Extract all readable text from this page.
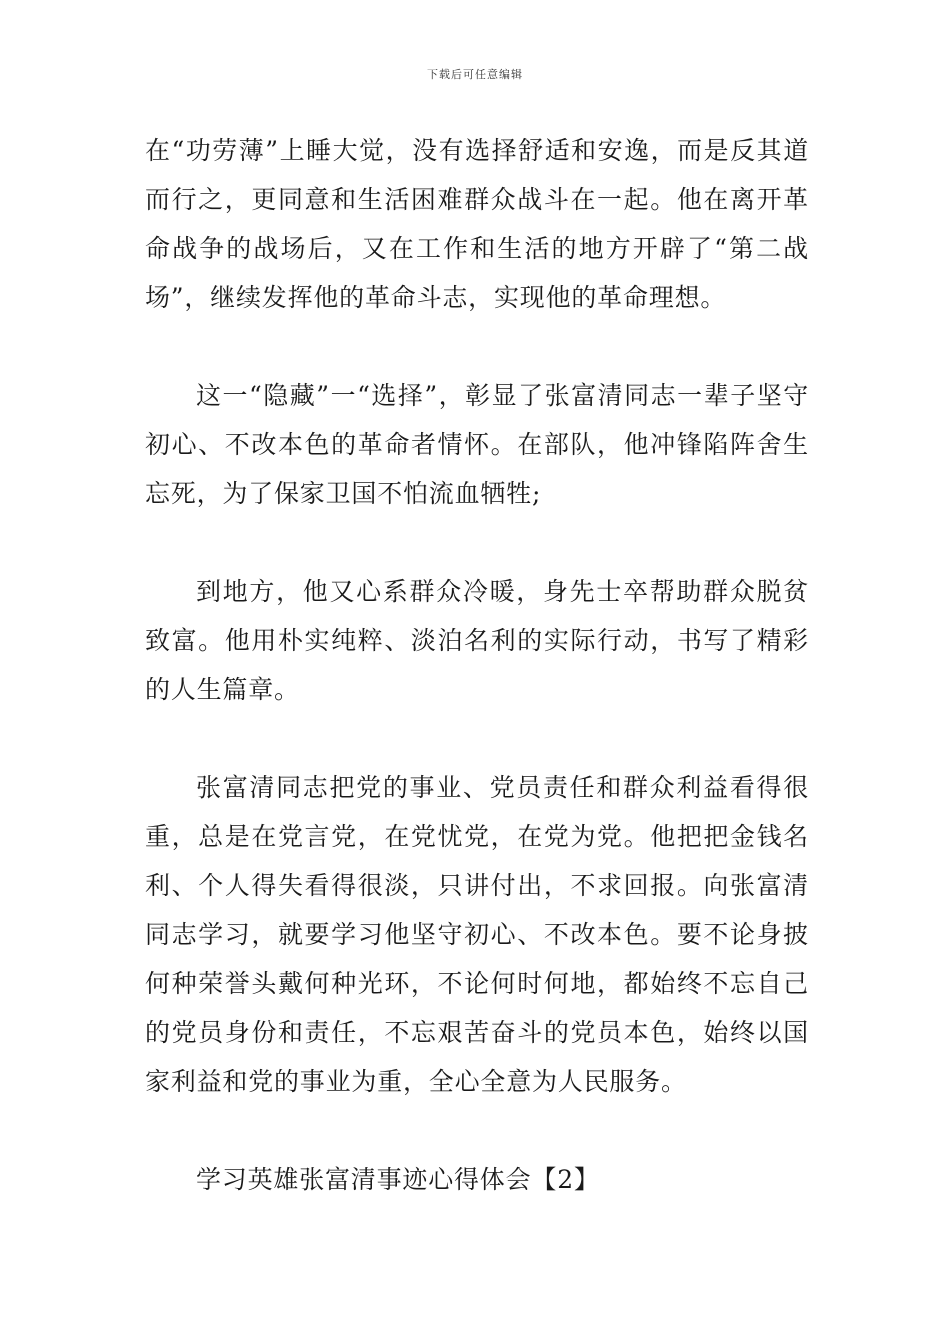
下载后可任意编辑

在“功劳薄”上睡大觉，没有选择舒适和安逸，而是反其道而行之，更同意和生活困难群众战斗在一起。他在离开革命战争的战场后，又在工作和生活的地方开辟了“第二战场”，继续发挥他的革命斗志，实现他的革命理想。

这一“隐藏”一“选择”，彰显了张富清同志一辈子坚守初心、不改本色的革命者情怀。在部队，他冲锋陷阵舍生忘死，为了保家卫国不怕流血牺牲;

到地方，他又心系群众冷暖，身先士卒帮助群众脱贫致富。他用朴实纯粹、淡泊名利的实际行动，书写了精彩的人生篇章。

张富清同志把党的事业、党员责任和群众利益看得很重，总是在党言党，在党忧党，在党为党。他把把金钱名利、个人得失看得很淡，只讲付出，不求回报。向张富清同志学习，就要学习他坚守初心、不改本色。要不论身披何种荣誉头戴何种光环，不论何时何地，都始终不忘自己的党员身份和责任，不忘艰苦奋斗的党员本色，始终以国家利益和党的事业为重，全心全意为人民服务。

学习英雄张富清事迹心得体会【2】
